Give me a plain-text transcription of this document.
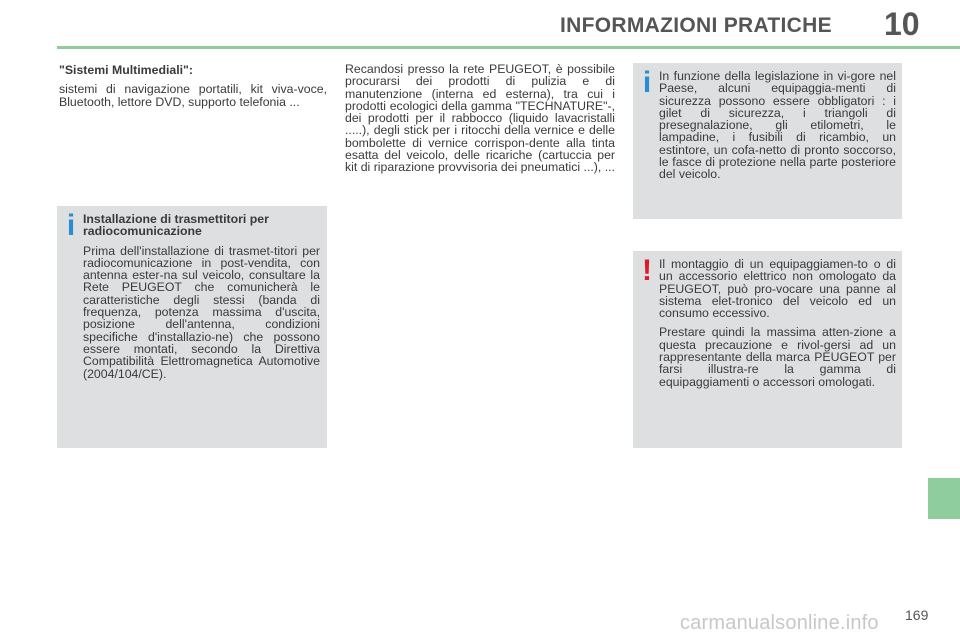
INFORMAZIONI PRATICHE	10

"Sistemi Multimediali":

sistemi di navigazione portatili, kit viva-voce, Bluetooth, lettore DVD, supporto telefonia ...

Recandosi presso la rete PEUGEOT, è possibile procurarsi dei prodotti di pulizia e di manutenzione (interna ed esterna), tra cui i prodotti ecologici della gamma "TECHNATURE"-, dei prodotti per il rabbocco (liquido lavacristalli .....), degli stick per i ritocchi della vernice e delle bombolette di vernice corrispon-dente alla tinta esatta del veicolo, delle ricariche (cartuccia per kit di riparazione provvisoria dei pneumatici ...), ...

i Installazione di trasmettitori per radiocomunicazione

Prima dell'installazione di trasmet-titori per radiocomunicazione in post-vendita, con antenna ester-na sul veicolo, consultare la Rete PEUGEOT che comunicherà le caratteristiche degli stessi (banda di frequenza, potenza massima d'uscita, posizione dell'antenna, condizioni specifiche d'installazio-ne) che possono essere montati, secondo la Direttiva Compatibilità Elettromagnetica Automotive (2004/104/CE).

i In funzione della legislazione in vi-gore nel Paese, alcuni equipaggia-menti di sicurezza possono essere obbligatori : i gilet di sicurezza, i triangoli di presegnalazione, gli etilometri, le lampadine, i fusibili di ricambio, un estintore, un cofa-netto di pronto soccorso, le fasce di protezione nella parte posteriore del veicolo.

! Il montaggio di un equipaggiamen-to o di un accessorio elettrico non omologato da PEUGEOT, può pro-vocare una panne al sistema elet-tronico del veicolo ed un consumo eccessivo.

Prestare quindi la massima atten-zione a questa precauzione e rivol-gersi ad un rappresentante della marca PEUGEOT per farsi illustra-re la gamma di equipaggiamenti o accessori omologati.

carmanualsonline.info 169
